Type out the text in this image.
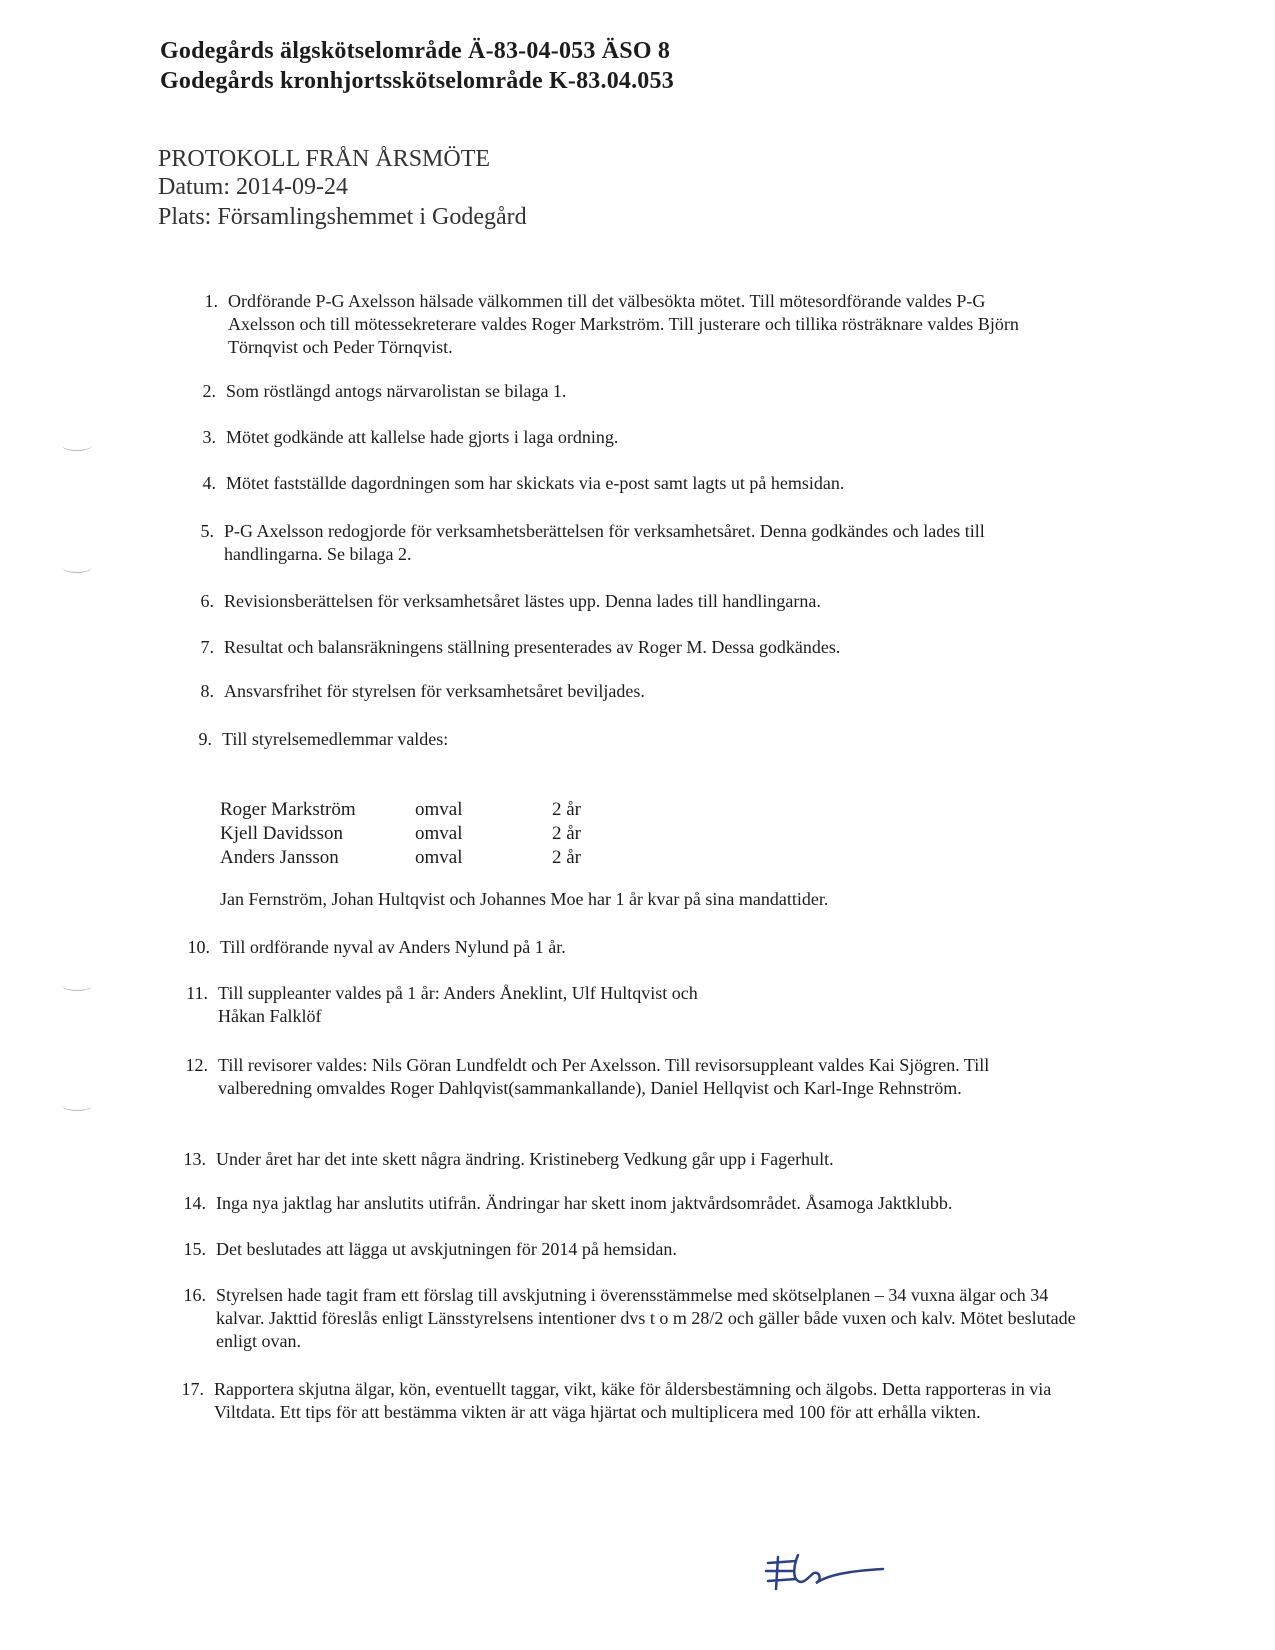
Godegårds älgskötselområde Ä-83-04-053 ÄSO 8
Godegårds kronhjortsskötselområde K-83.04.053
PROTOKOLL FRÅN ÅRSMÖTE
Datum: 2014-09-24
Plats: Församlingshemmet i Godegård
1. Ordförande P-G Axelsson hälsade välkommen till det välbesökta mötet. Till mötesordförande valdes P-G Axelsson och till mötessekreterare valdes Roger Markström. Till justerare och tillika rösträknare valdes Björn Törnqvist och Peder Törnqvist.
2. Som röstlängd antogs närvarolistan se bilaga 1.
3. Mötet godkände att kallelse hade gjorts i laga ordning.
4. Mötet fastställde dagordningen som har skickats via e-post samt lagts ut på hemsidan.
5. P-G Axelsson redogjorde för verksamhetsberättelsen för verksamhetsåret. Denna godkändes och lades till handlingarna. Se bilaga 2.
6. Revisionsberättelsen för verksamhetsåret lästes upp. Denna lades till handlingarna.
7. Resultat och balansräkningens ställning presenterades av Roger M. Dessa godkändes.
8. Ansvarsfrihet för styrelsen för verksamhetsåret beviljades.
9. Till styrelsemedlemmar valdes:
Roger Markström	omval	2 år
Kjell Davidsson	omval	2 år
Anders Jansson	omval	2 år
Jan Fernström, Johan Hultqvist och Johannes Moe har 1 år kvar på sina mandattider.
10. Till ordförande nyval av Anders Nylund på 1 år.
11. Till suppleanter valdes på 1 år: Anders Åneklint, Ulf Hultqvist och Håkan Falklöf
12. Till revisorer valdes: Nils Göran Lundfeldt och Per Axelsson. Till revisorsuppleant valdes Kai Sjögren. Till valberedning omvaldes Roger Dahlqvist(sammankallande), Daniel Hellqvist och Karl-Inge Rehnström.
13. Under året har det inte skett några ändring. Kristineberg Vedkung går upp i Fagerhult.
14. Inga nya jaktlag har anslutits utifrån. Ändringar har skett inom jaktvårdsområdet. Åsamoga Jaktklubb.
15. Det beslutades att lägga ut avskjutningen för 2014 på hemsidan.
16. Styrelsen hade tagit fram ett förslag till avskjutning i överensstämmelse med skötselplanen – 34 vuxna älgar och 34 kalvar. Jakttid föreslås enligt Länsstyrelsens intentioner dvs t o m 28/2 och gäller både vuxen och kalv. Mötet beslutade enligt ovan.
17. Rapportera skjutna älgar, kön, eventuellt taggar, vikt, käke för åldersbestämning och älgobs. Detta rapporteras in via Viltdata. Ett tips för att bestämma vikten är att väga hjärtat och multiplicera med 100 för att erhålla vikten.
